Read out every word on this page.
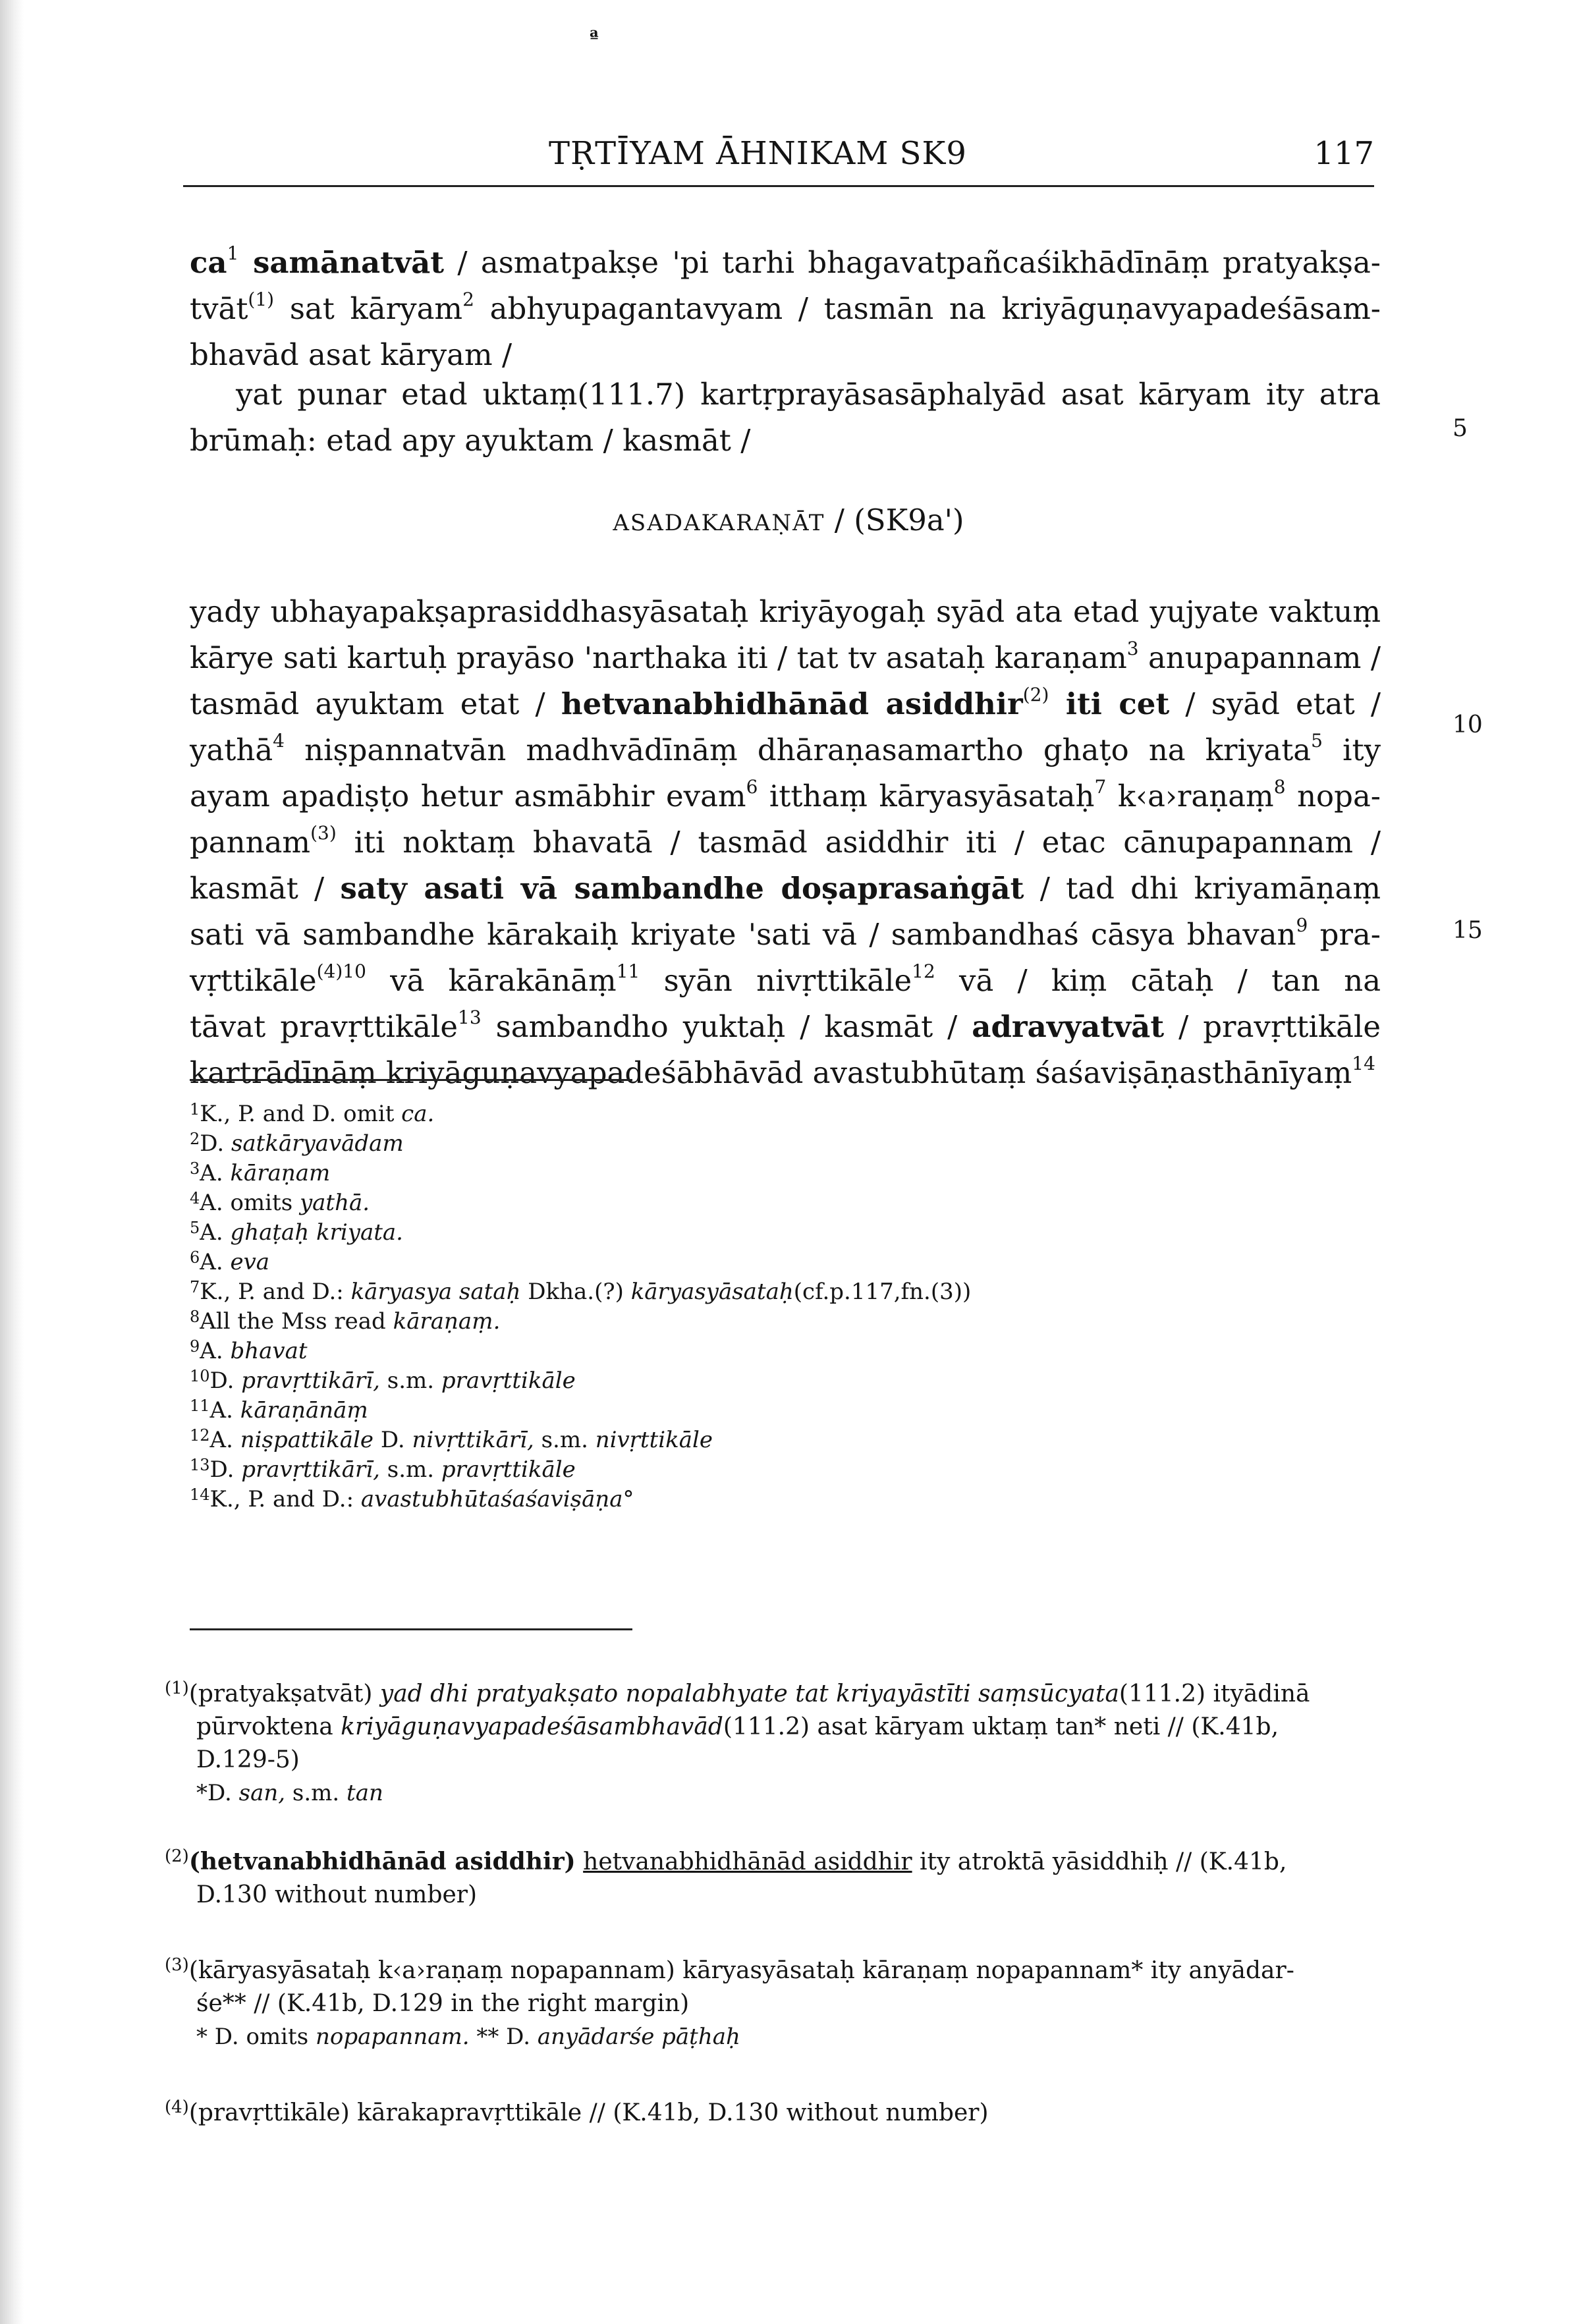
ª
TṚTĪYAM ĀHNIKAM SK9	117
$ca^1$ samānatvāt / asmatpakṣe 'pi tarhi bhagavatpañcaśikhādīnāṃ pratyakṣa-
tvāt$^{(1)}$ sat kāryam$^2$ abhyupagantavyam / tasmān na kriyāguṇavyapadeśāsam-
bhavād asat kāryam /
yat punar etad uktaṃ(111.7) kartṛprayāsasāphalyād asat kāryam ity atra
brūmaḥ: etad apy ayuktam / kasmāt /
ASADAKARAṆĀT / (SK9a')
yady ubhayapakṣaprasiddhasyāsataḥ kriyāyogaḥ syād ata etad yujyate vaktuṃ
kārye sati kartuḥ prayāso 'narthaka iti / tat tv asataḥ karaṇam$^3$ anupapannam /
tasmād ayuktam etat / hetvanabhidhānād asiddhir$^{(2)}$ iti cet / syād etat /
yathā$^4$ niṣpannatvān madhvādīnāṃ dhāraṇasamartho ghaṭo na kriyata$^5$ ity
ayam apadiṣṭo hetur asmābhir evam$^6$ itthaṃ kāryasyāsataḥ$^7$ k‹a›raṇaṃ$^8$ nopa-
pannam$^{(3)}$ iti noktaṃ bhavatā / tasmād asiddhir iti / etac cānupapannam /
kasmāt / saty asati vā sambandhe doṣaprasaṅgāt / tad dhi kriyamāṇaṃ
sati vā sambandhe kārakaiḥ kriyate 'sati vā / sambandhaś cāsya bhavan$^9$ pra-
vṛttikāle$^{(4)10}$ vā kārakānāṃ$^{11}$ syān nivṛttikāle$^{12}$ vā / kiṃ cātaḥ / tan na
tāvat pravṛttikāle$^{13}$ sambandho yuktaḥ / kasmāt / adravyatvāt / pravṛttikāle
kartrādīnāṃ kriyāguṇavyapadeśābhāvād avastubhūtaṃ śaśaviṣāṇasthānīyaṃ$^{14}$
5
10
15
$^1$K., P. and D. omit ca.
$^2$D. satkāryavādam
$^3$A. kāraṇam
$^4$A. omits yathā.
$^5$A. ghaṭaḥ kriyata.
$^6$A. eva
$^7$K., P. and D.: kāryasya sataḥ Dkha.(?) kāryasyāsataḥ(cf.p.117,fn.(3))
$^8$All the Mss read kāraṇaṃ.
$^9$A. bhavat
$^{10}$D. pravṛttikārī, s.m. pravṛttikāle
$^{11}$A. kāraṇānāṃ
$^{12}$A. niṣpattikāle D. nivṛttikārī, s.m. nivṛttikāle
$^{13}$D. pravṛttikārī, s.m. pravṛttikāle
$^{14}$K., P. and D.: avastubhūtaśaśaviṣāṇa°
$^{(1)}$(pratyakṣatvāt) yad dhi pratyakṣato nopalabhyate tat kriyayāstīti saṃsūcyata(111.2) ityādinā
pūrvoktena kriyāguṇavyapadeśāsambhavād(111.2) asat kāryam uktaṃ tan* neti // (K.41b,
D.129-5)
*D. san, s.m. tan
$^{(2)}$(hetvanabhidhānād asiddhir) hetvanabhidhānād asiddhir ity atroktā yāsiddhiḥ // (K.41b,
D.130 without number)
$^{(3)}$(kāryasyāsataḥ k‹a›raṇaṃ nopapannam) kāryasyāsataḥ kāraṇaṃ nopapannam* ity anyādar-
śe** // (K.41b, D.129 in the right margin)
* D. omits nopapannam. ** D. anyādarśe pāṭhaḥ
$^{(4)}$(pravṛttikāle) kārakapravṛttikāle // (K.41b, D.130 without number)
